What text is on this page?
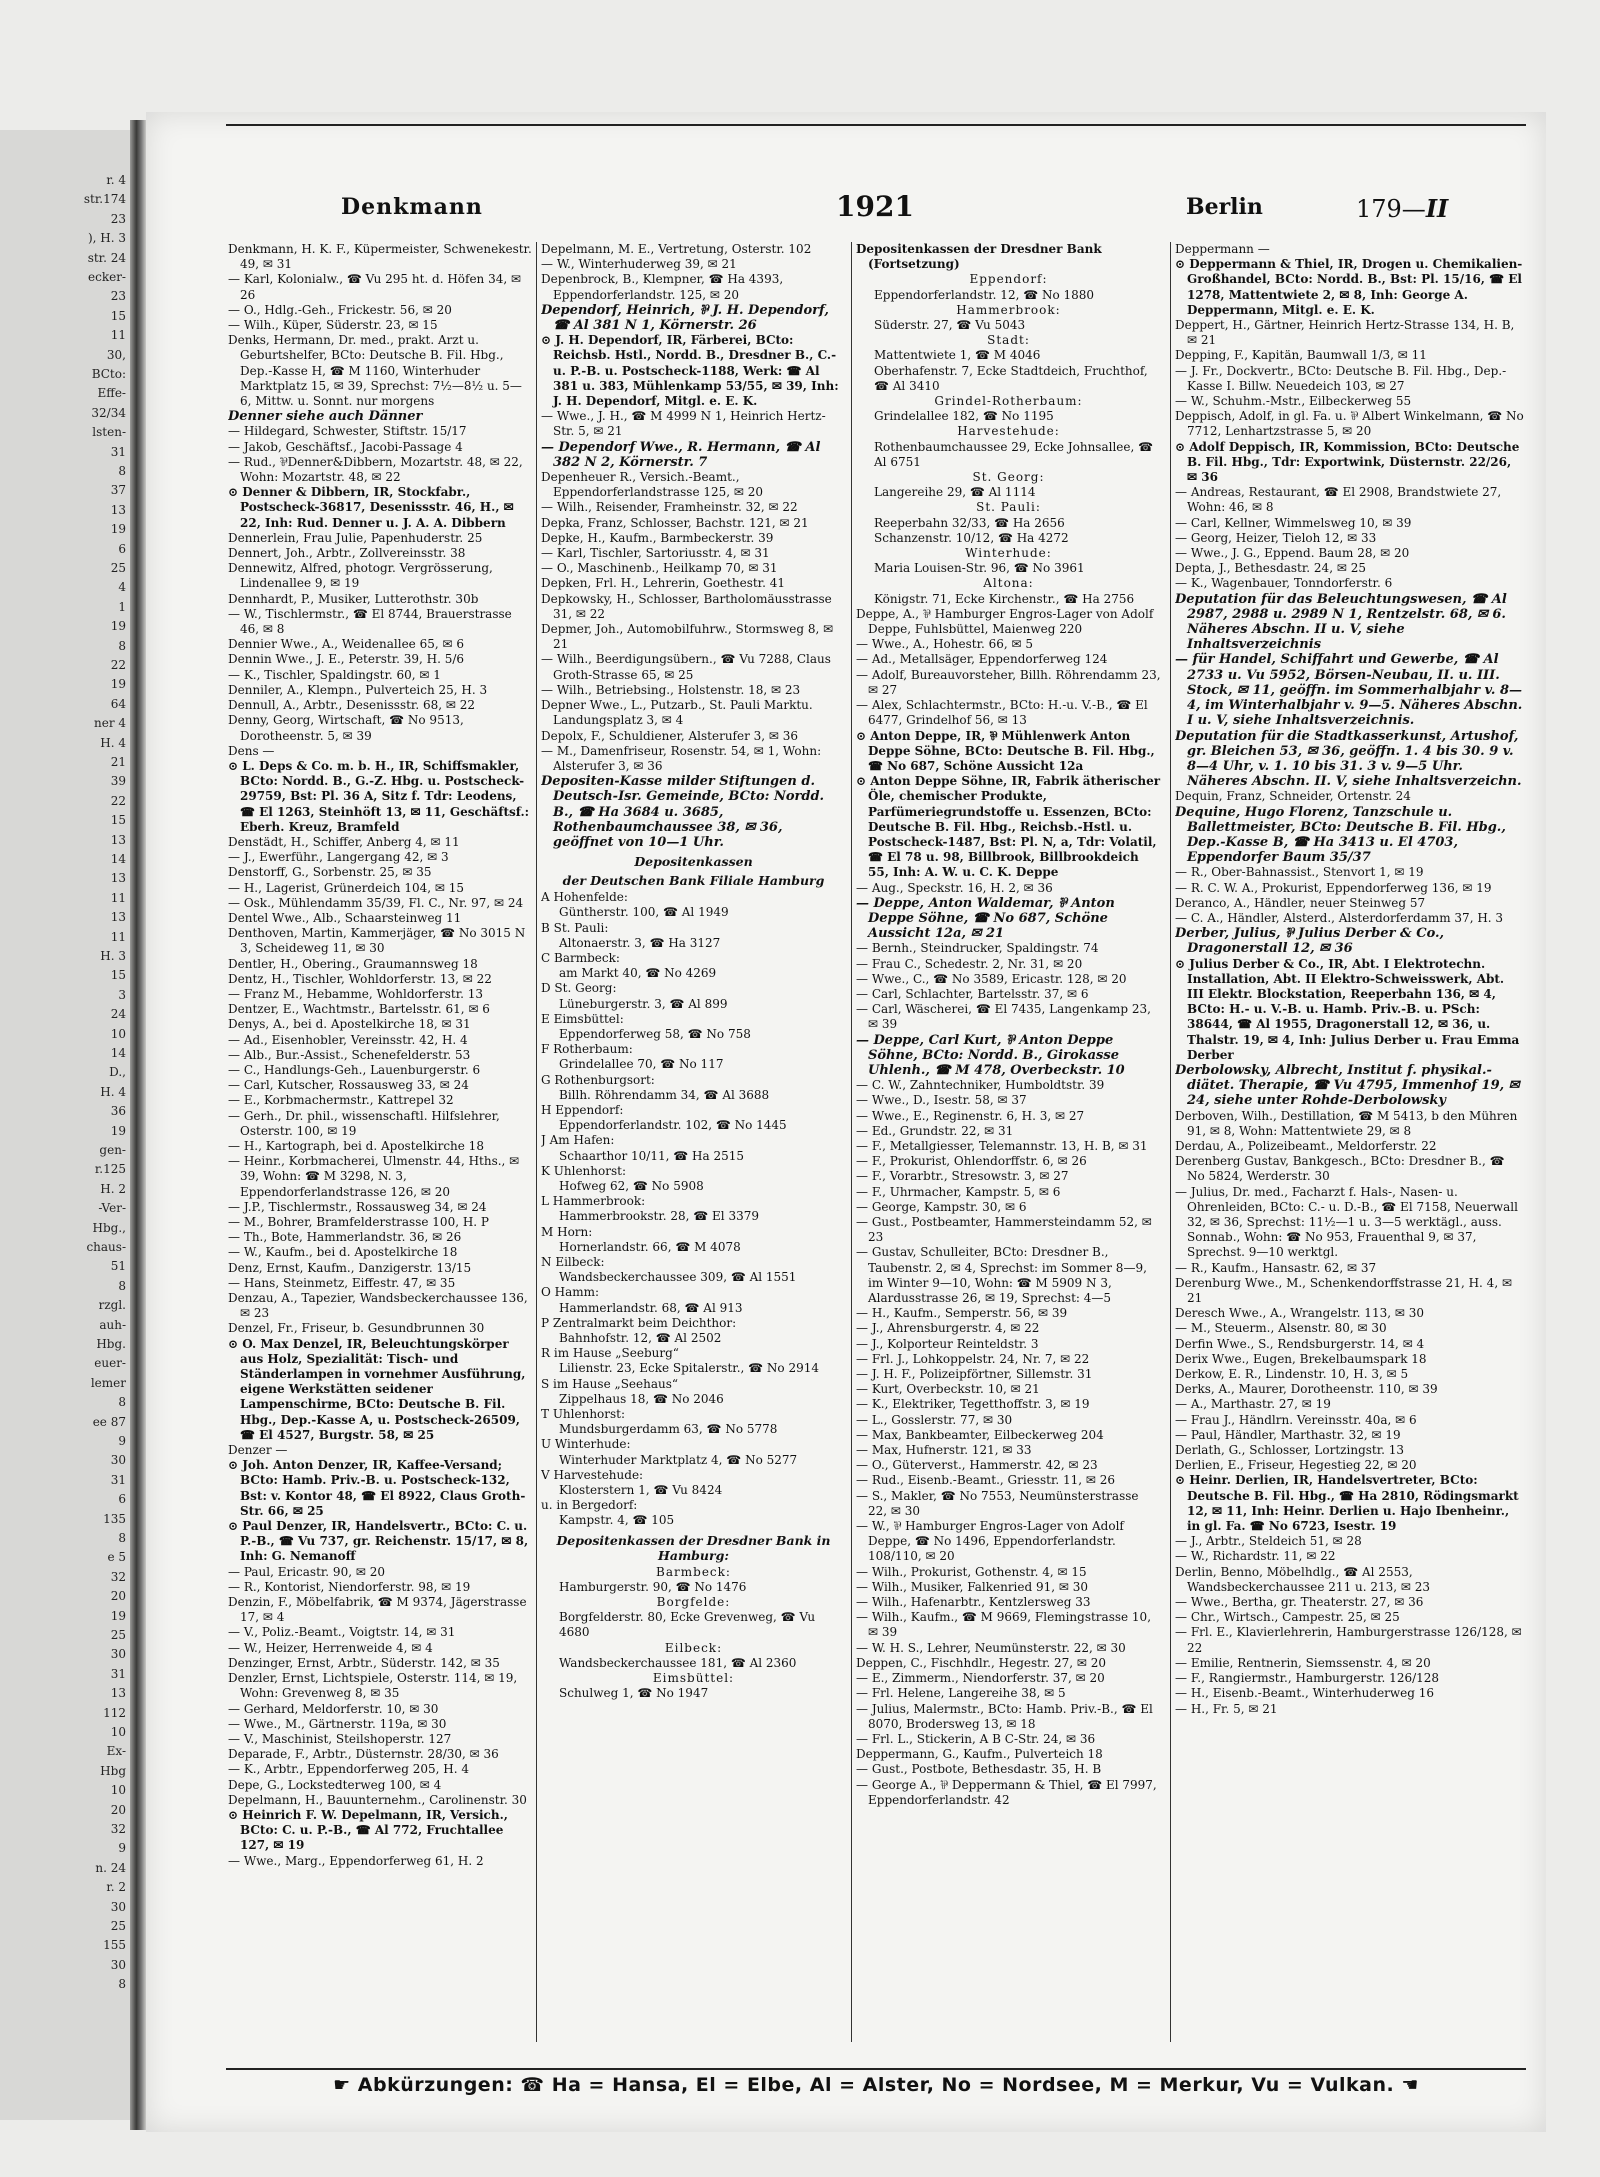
r. 4
str.174
23
), H. 3
str. 24
ecker-
23
15
11
30,
BCto:
Effe-
32/34
lsten-
31
8
37
13
19
6
25
4
1
19
8
22
19
64
ner 4
H. 4
21
39
22
15
13
14
13
11
13
11
H. 3
15
3
24
10
14
D.,
H. 4
36
19
gen-
r.125
H. 2
-Ver-
Hbg.,
chaus-
51
8
rzgl.
auh-
Hbg.
euer-
lemer
8
ee 87
9
30
31
6
135
8
e 5
32
20
19
25
30
31
13
112
10
Ex-
Hbg
10
20
32
9
n. 24
r. 2
30
25
155
30
8
Denkmann	1921	Berlin	179—II

Denkmann, H. K. F., Küpermeister, Schwenekestr. 49, ✉ 31

— Karl, Kolonialw., ☎ Vu 295 ht. d. Höfen 34, ✉ 26

— O., Hdlg.-Geh., Frickestr. 56, ✉ 20

— Wilh., Küper, Süderstr. 23, ✉ 15

Denks, Hermann, Dr. med., prakt. Arzt u. Geburtshelfer, BCto: Deutsche B. Fil. Hbg., Dep.-Kasse H, ☎ M 1160, Winterhuder Marktplatz 15, ✉ 39, Sprechst: 7½—8½ u. 5—6, Mittw. u. Sonnt. nur morgens

Denner siehe auch Dänner

— Hildegard, Schwester, Stiftstr. 15/17

— Jakob, Geschäftsf., Jacobi-Passage 4

— Rud., ⅌Denner&Dibbern, Mozartstr. 48, ✉ 22, Wohn: Mozartstr. 48, ✉ 22

⊙ Denner & Dibbern, IR, Stockfabr., Postscheck-36817, Desenissstr. 46, H., ✉ 22, Inh: Rud. Denner u. J. A. A. Dibbern

Dennerlein, Frau Julie, Papenhuderstr. 25

Dennert, Joh., Arbtr., Zollvereinsstr. 38

Dennewitz, Alfred, photogr. Vergrösserung, Lindenallee 9, ✉ 19

Dennhardt, P., Musiker, Lutterothstr. 30b

— W., Tischlermstr., ☎ El 8744, Brauerstrasse 46, ✉ 8

Dennier Wwe., A., Weidenallee 65, ✉ 6

Dennin Wwe., J. E., Peterstr. 39, H. 5/6

— K., Tischler, Spaldingstr. 60, ✉ 1

Denniler, A., Klempn., Pulverteich 25, H. 3

Dennull, A., Arbtr., Desenissstr. 68, ✉ 22

Denny, Georg, Wirtschaft, ☎ No 9513, Dorotheenstr. 5, ✉ 39

Dens —

⊙ L. Deps & Co. m. b. H., IR, Schiffsmakler, BCto: Nordd. B., G.-Z. Hbg. u. Postscheck-29759, Bst: Pl. 36 A, Sitz f. Tdr: Leodens, ☎ El 1263, Steinhöft 13, ✉ 11, Geschäftsf.: Eberh. Kreuz, Bramfeld

Denstädt, H., Schiffer, Anberg 4, ✉ 11

— J., Ewerführ., Langergang 42, ✉ 3

Denstorff, G., Sorbenstr. 25, ✉ 35

— H., Lagerist, Grünerdeich 104, ✉ 15

— Osk., Mühlendamm 35/39, Fl. C., Nr. 97, ✉ 24

Dentel Wwe., Alb., Schaarsteinweg 11

Denthoven, Martin, Kammerjäger, ☎ No 3015 N 3, Scheideweg 11, ✉ 30

Dentler, H., Obering., Graumannsweg 18

Dentz, H., Tischler, Wohldorferstr. 13, ✉ 22

— Franz M., Hebamme, Wohldorferstr. 13

Dentzer, E., Wachtmstr., Bartelsstr. 61, ✉ 6

Denys, A., bei d. Apostelkirche 18, ✉ 31

— Ad., Eisenhobler, Vereinsstr. 42, H. 4

— Alb., Bur.-Assist., Schenefelderstr. 53

— C., Handlungs-Geh., Lauenburgerstr. 6

— Carl, Kutscher, Rossausweg 33, ✉ 24

— E., Korbmachermstr., Kattrepel 32

— Gerh., Dr. phil., wissenschaftl. Hilfslehrer, Osterstr. 100, ✉ 19

— H., Kartograph, bei d. Apostelkirche 18

— Heinr., Korbmacherei, Ulmenstr. 44, Hths., ✉ 39, Wohn: ☎ M 3298, N. 3, Eppendorferlandstrasse 126, ✉ 20

— J.P., Tischlermstr., Rossausweg 34, ✉ 24

— M., Bohrer, Bramfelderstrasse 100, H. P

— Th., Bote, Hammerlandstr. 36, ✉ 26

— W., Kaufm., bei d. Apostelkirche 18

Denz, Ernst, Kaufm., Danzigerstr. 13/15

— Hans, Steinmetz, Eiffestr. 47, ✉ 35

Denzau, A., Tapezier, Wandsbeckerchaussee 136, ✉ 23

Denzel, Fr., Friseur, b. Gesundbrunnen 30

⊙ O. Max Denzel, IR, Beleuchtungskörper aus Holz, Spezialität: Tisch- und Ständerlampen in vornehmer Ausführung, eigene Werkstätten seidener Lampenschirme, BCto: Deutsche B. Fil. Hbg., Dep.-Kasse A, u. Postscheck-26509, ☎ El 4527, Burgstr. 58, ✉ 25

Denzer —

⊙ Joh. Anton Denzer, IR, Kaffee-Versand; BCto: Hamb. Priv.-B. u. Postscheck-132, Bst: v. Kontor 48, ☎ El 8922, Claus Groth-Str. 66, ✉ 25

⊙ Paul Denzer, IR, Handelsvertr., BCto: C. u. P.-B., ☎ Vu 737, gr. Reichenstr. 15/17, ✉ 8, Inh: G. Nemanoff

— Paul, Ericastr. 90, ✉ 20

— R., Kontorist, Niendorferstr. 98, ✉ 19

Denzin, F., Möbelfabrik, ☎ M 9374, Jägerstrasse 17, ✉ 4

— V., Poliz.-Beamt., Voigtstr. 14, ✉ 31

— W., Heizer, Herrenweide 4, ✉ 4

Denzinger, Ernst, Arbtr., Süderstr. 142, ✉ 35

Denzler, Ernst, Lichtspiele, Osterstr. 114, ✉ 19, Wohn: Grevenweg 8, ✉ 35

— Gerhard, Meldorferstr. 10, ✉ 30

— Wwe., M., Gärtnerstr. 119a, ✉ 30

— V., Maschinist, Steilshoperstr. 127

Deparade, F., Arbtr., Düsternstr. 28/30, ✉ 36

— K., Arbtr., Eppendorferweg 205, H. 4

Depe, G., Lockstedterweg 100, ✉ 4

Depelmann, H., Bauunternehm., Carolinenstr. 30

⊙ Heinrich F. W. Depelmann, IR, Versich., BCto: C. u. P.-B., ☎ Al 772, Fruchtallee 127, ✉ 19

— Wwe., Marg., Eppendorferweg 61, H. 2

Depelmann, M. E., Vertretung, Osterstr. 102

— W., Winterhuderweg 39, ✉ 21

Depenbrock, B., Klempner, ☎ Ha 4393, Eppendorferlandstr. 125, ✉ 20

Dependorf, Heinrich, ⅌ J. H. Dependorf, ☎ Al 381 N 1, Körnerstr. 26

⊙ J. H. Dependorf, IR, Färberei, BCto: Reichsb. Hstl., Nordd. B., Dresdner B., C.- u. P.-B. u. Postscheck-1188, Werk: ☎ Al 381 u. 383, Mühlenkamp 53/55, ✉ 39, Inh: J. H. Dependorf, Mitgl. e. E. K.

— Wwe., J. H., ☎ M 4999 N 1, Heinrich Hertz-Str. 5, ✉ 21

— Dependorf Wwe., R. Hermann, ☎ Al 382 N 2, Körnerstr. 7

Depenheuer R., Versich.-Beamt., Eppendorferlandstrasse 125, ✉ 20

— Wilh., Reisender, Framheinstr. 32, ✉ 22

Depka, Franz, Schlosser, Bachstr. 121, ✉ 21

Depke, H., Kaufm., Barmbeckerstr. 39

— Karl, Tischler, Sartoriusstr. 4, ✉ 31

— O., Maschinenb., Heilkamp 70, ✉ 31

Depken, Frl. H., Lehrerin, Goethestr. 41

Depkowsky, H., Schlosser, Bartholomäusstrasse 31, ✉ 22

Depmer, Joh., Automobilfuhrw., Stormsweg 8, ✉ 21

— Wilh., Beerdigungsübern., ☎ Vu 7288, Claus Groth-Strasse 65, ✉ 25

— Wilh., Betriebsing., Holstenstr. 18, ✉ 23

Depner Wwe., L., Putzarb., St. Pauli Marktu. Landungsplatz 3, ✉ 4

Depolx, F., Schuldiener, Alsterufer 3, ✉ 36

— M., Damenfriseur, Rosenstr. 54, ✉ 1, Wohn: Alsterufer 3, ✉ 36

Depositen-Kasse milder Stiftungen d. Deutsch-Isr. Gemeinde, BCto: Nordd. B., ☎ Ha 3684 u. 3685, Rothenbaumchaussee 38, ✉ 36, geöffnet von 10—1 Uhr.

Depositenkassen

der Deutschen Bank Filiale Hamburg

A Hohenfelde:

Güntherstr. 100, ☎ Al 1949

B St. Pauli:

Altonaerstr. 3, ☎ Ha 3127

C Barmbeck:

am Markt 40, ☎ No 4269

D St. Georg:

Lüneburgerstr. 3, ☎ Al 899

E Eimsbüttel:

Eppendorferweg 58, ☎ No 758

F Rotherbaum:

Grindelallee 70, ☎ No 117

G Rothenburgsort:

Billh. Röhrendamm 34, ☎ Al 3688

H Eppendorf:

Eppendorferlandstr. 102, ☎ No 1445

J Am Hafen:

Schaarthor 10/11, ☎ Ha 2515

K Uhlenhorst:

Hofweg 62, ☎ No 5908

L Hammerbrook:

Hammerbrookstr. 28, ☎ El 3379

M Horn:

Hornerlandstr. 66, ☎ M 4078

N Eilbeck:

Wandsbeckerchaussee 309, ☎ Al 1551

O Hamm:

Hammerlandstr. 68, ☎ Al 913

P Zentralmarkt beim Deichthor:

Bahnhofstr. 12, ☎ Al 2502

R im Hause „Seeburg“

Lilienstr. 23, Ecke Spitalerstr., ☎ No 2914

S im Hause „Seehaus“

Zippelhaus 18, ☎ No 2046

T Uhlenhorst:

Mundsburgerdamm 63, ☎ No 5778

U Winterhude:

Winterhuder Marktplatz 4, ☎ No 5277

V Harvestehude:

Klosterstern 1, ☎ Vu 8424

u. in Bergedorf:

Kampstr. 4, ☎ 105

Depositenkassen der Dresdner Bank in Hamburg:

Barmbeck:

Hamburgerstr. 90, ☎ No 1476

Borgfelde:

Borgfelderstr. 80, Ecke Grevenweg, ☎ Vu 4680

Eilbeck:

Wandsbeckerchaussee 181, ☎ Al 2360

Eimsbüttel:

Schulweg 1, ☎ No 1947

Depositenkassen der Dresdner Bank (Fortsetzung)

Eppendorf:

Eppendorferlandstr. 12, ☎ No 1880

Hammerbrook:

Süderstr. 27, ☎ Vu 5043

Stadt:

Mattentwiete 1, ☎ M 4046

Oberhafenstr. 7, Ecke Stadtdeich, Fruchthof, ☎ Al 3410

Grindel-Rotherbaum:

Grindelallee 182, ☎ No 1195

Harvestehude:

Rothenbaumchaussee 29, Ecke Johnsallee, ☎ Al 6751

St. Georg:

Langereihe 29, ☎ Al 1114

St. Pauli:

Reeperbahn 32/33, ☎ Ha 2656

Schanzenstr. 10/12, ☎ Ha 4272

Winterhude:

Maria Louisen-Str. 96, ☎ No 3961

Altona:

Königstr. 71, Ecke Kirchenstr., ☎ Ha 2756

Deppe, A., ⅌ Hamburger Engros-Lager von Adolf Deppe, Fuhlsbüttel, Maienweg 220

— Wwe., A., Hohestr. 66, ✉ 5

— Ad., Metallsäger, Eppendorferweg 124

— Adolf, Bureauvorsteher, Billh. Röhrendamm 23, ✉ 27

— Alex, Schlachtermstr., BCto: H.-u. V.-B., ☎ El 6477, Grindelhof 56, ✉ 13

⊙ Anton Deppe, IR, ⅌ Mühlenwerk Anton Deppe Söhne, BCto: Deutsche B. Fil. Hbg., ☎ No 687, Schöne Aussicht 12a

⊙ Anton Deppe Söhne, IR, Fabrik ätherischer Öle, chemischer Produkte, Parfümeriegrundstoffe u. Essenzen, BCto: Deutsche B. Fil. Hbg., Reichsb.-Hstl. u. Postscheck-1487, Bst: Pl. N, a, Tdr: Volatil, ☎ El 78 u. 98, Billbrook, Billbrookdeich 55, Inh: A. W. u. C. K. Deppe

— Aug., Speckstr. 16, H. 2, ✉ 36

— Deppe, Anton Waldemar, ⅌ Anton Deppe Söhne, ☎ No 687, Schöne Aussicht 12a, ✉ 21

— Bernh., Steindrucker, Spaldingstr. 74

— Frau C., Schedestr. 2, Nr. 31, ✉ 20

— Wwe., C., ☎ No 3589, Ericastr. 128, ✉ 20

— Carl, Schlachter, Bartelsstr. 37, ✉ 6

— Carl, Wäscherei, ☎ El 7435, Langenkamp 23, ✉ 39

— Deppe, Carl Kurt, ⅌ Anton Deppe Söhne, BCto: Nordd. B., Girokasse Uhlenh., ☎ M 478, Overbeckstr. 10

— C. W., Zahntechniker, Humboldtstr. 39

— Wwe., D., Isestr. 58, ✉ 37

— Wwe., E., Reginenstr. 6, H. 3, ✉ 27

— Ed., Grundstr. 22, ✉ 31

— F., Metallgiesser, Telemannstr. 13, H. B, ✉ 31

— F., Prokurist, Ohlendorffstr. 6, ✉ 26

— F., Vorarbtr., Stresowstr. 3, ✉ 27

— F., Uhrmacher, Kampstr. 5, ✉ 6

— George, Kampstr. 30, ✉ 6

— Gust., Postbeamter, Hammersteindamm 52, ✉ 23

— Gustav, Schulleiter, BCto: Dresdner B., Taubenstr. 2, ✉ 4, Sprechst: im Sommer 8—9, im Winter 9—10, Wohn: ☎ M 5909 N 3, Alardusstrasse 26, ✉ 19, Sprechst: 4—5

— H., Kaufm., Semperstr. 56, ✉ 39

— J., Ahrensburgerstr. 4, ✉ 22

— J., Kolporteur Reinteldstr. 3

— Frl. J., Lohkoppelstr. 24, Nr. 7, ✉ 22

— J. H. F., Polizeipförtner, Sillemstr. 31

— Kurt, Overbeckstr. 10, ✉ 21

— K., Elektriker, Tegetthoffstr. 3, ✉ 19

— L., Gosslerstr. 77, ✉ 30

— Max, Bankbeamter, Eilbeckerweg 204

— Max, Hufnerstr. 121, ✉ 33

— O., Güterverst., Hammerstr. 42, ✉ 23

— Rud., Eisenb.-Beamt., Griesstr. 11, ✉ 26

— S., Makler, ☎ No 7553, Neumünsterstrasse 22, ✉ 30

— W., ⅌ Hamburger Engros-Lager von Adolf Deppe, ☎ No 1496, Eppendorferlandstr. 108/110, ✉ 20

— Wilh., Prokurist, Gothenstr. 4, ✉ 15

— Wilh., Musiker, Falkenried 91, ✉ 30

— Wilh., Hafenarbtr., Kentzlersweg 33

— Wilh., Kaufm., ☎ M 9669, Flemingstrasse 10, ✉ 39

— W. H. S., Lehrer, Neumünsterstr. 22, ✉ 30

Deppen, C., Fischhdlr., Hegestr. 27, ✉ 20

— E., Zimmerm., Niendorferstr. 37, ✉ 20

— Frl. Helene, Langereihe 38, ✉ 5

— Julius, Malermstr., BCto: Hamb. Priv.-B., ☎ El 8070, Brodersweg 13, ✉ 18

— Frl. L., Stickerin, A B C-Str. 24, ✉ 36

Deppermann, G., Kaufm., Pulverteich 18

— Gust., Postbote, Bethesdastr. 35, H. B

— George A., ⅌ Deppermann & Thiel, ☎ El 7997, Eppendorferlandstr. 42

Deppermann —

⊙ Deppermann & Thiel, IR, Drogen u. Chemikalien-Großhandel, BCto: Nordd. B., Bst: Pl. 15/16, ☎ El 1278, Mattentwiete 2, ✉ 8, Inh: George A. Deppermann, Mitgl. e. E. K.

Deppert, H., Gärtner, Heinrich Hertz-Strasse 134, H. B, ✉ 21

Depping, F., Kapitän, Baumwall 1/3, ✉ 11

— J. Fr., Dockvertr., BCto: Deutsche B. Fil. Hbg., Dep.-Kasse I. Billw. Neuedeich 103, ✉ 27

— W., Schuhm.-Mstr., Eilbeckerweg 55

Deppisch, Adolf, in gl. Fa. u. ⅌ Albert Winkelmann, ☎ No 7712, Lenhartzstrasse 5, ✉ 20

⊙ Adolf Deppisch, IR, Kommission, BCto: Deutsche B. Fil. Hbg., Tdr: Exportwink, Düsternstr. 22/26, ✉ 36

— Andreas, Restaurant, ☎ El 2908, Brandstwiete 27, Wohn: 46, ✉ 8

— Carl, Kellner, Wimmelsweg 10, ✉ 39

— Georg, Heizer, Tieloh 12, ✉ 33

— Wwe., J. G., Eppend. Baum 28, ✉ 20

Depta, J., Bethesdastr. 24, ✉ 25

— K., Wagenbauer, Tonndorferstr. 6

Deputation für das Beleuchtungswesen, ☎ Al 2987, 2988 u. 2989 N 1, Rentzelstr. 68, ✉ 6. Näheres Abschn. II u. V, siehe Inhaltsverzeichnis

— für Handel, Schiffahrt und Gewerbe, ☎ Al 2733 u. Vu 5952, Börsen-Neubau, II. u. III. Stock, ✉ 11, geöffn. im Sommerhalbjahr v. 8—4, im Winterhalbjahr v. 9—5. Näheres Abschn. I u. V, siehe Inhaltsverzeichnis.

Deputation für die Stadtkasserkunst, Artushof, gr. Bleichen 53, ✉ 36, geöffn. 1. 4 bis 30. 9 v. 8—4 Uhr, v. 1. 10 bis 31. 3 v. 9—5 Uhr. Näheres Abschn. II. V, siehe Inhaltsverzeichn.

Dequin, Franz, Schneider, Ortenstr. 24

Dequine, Hugo Florenz, Tanzschule u. Ballettmeister, BCto: Deutsche B. Fil. Hbg., Dep.-Kasse B, ☎ Ha 3413 u. El 4703, Eppendorfer Baum 35/37

— R., Ober-Bahnassist., Stenvort 1, ✉ 19

— R. C. W. A., Prokurist, Eppendorferweg 136, ✉ 19

Deranco, A., Händler, neuer Steinweg 57

— C. A., Händler, Alsterd., Alsterdorferdamm 37, H. 3

Derber, Julius, ⅌ Julius Derber & Co., Dragonerstall 12, ✉ 36

⊙ Julius Derber & Co., IR, Abt. I Elektrotechn. Installation, Abt. II Elektro-Schweisswerk, Abt. III Elektr. Blockstation, Reeperbahn 136, ✉ 4, BCto: H.- u. V.-B. u. Hamb. Priv.-B. u. PSch: 38644, ☎ Al 1955, Dragonerstall 12, ✉ 36, u. Thalstr. 19, ✉ 4, Inh: Julius Derber u. Frau Emma Derber

Derbolowsky, Albrecht, Institut f. physikal.-diätet. Therapie, ☎ Vu 4795, Immenhof 19, ✉ 24, siehe unter Rohde-Derbolowsky

Derboven, Wilh., Destillation, ☎ M 5413, b den Mühren 91, ✉ 8, Wohn: Mattentwiete 29, ✉ 8

Derdau, A., Polizeibeamt., Meldorferstr. 22

Derenberg Gustav, Bankgesch., BCto: Dresdner B., ☎ No 5824, Werderstr. 30

— Julius, Dr. med., Facharzt f. Hals-, Nasen- u. Ohrenleiden, BCto: C.- u. D.-B., ☎ El 7158, Neuerwall 32, ✉ 36, Sprechst: 11½—1 u. 3—5 werktägl., auss. Sonnab., Wohn: ☎ No 953, Frauenthal 9, ✉ 37, Sprechst. 9—10 werktgl.

— R., Kaufm., Hansastr. 62, ✉ 37

Derenburg Wwe., M., Schenkendorffstrasse 21, H. 4, ✉ 21

Deresch Wwe., A., Wrangelstr. 113, ✉ 30

— M., Steuerm., Alsenstr. 80, ✉ 30

Derfin Wwe., S., Rendsburgerstr. 14, ✉ 4

Derix Wwe., Eugen, Brekelbaumspark 18

Derkow, E. R., Lindenstr. 10, H. 3, ✉ 5

Derks, A., Maurer, Dorotheenstr. 110, ✉ 39

— A., Marthastr. 27, ✉ 19

— Frau J., Händlrn. Vereinsstr. 40a, ✉ 6

— Paul, Händler, Marthastr. 32, ✉ 19

Derlath, G., Schlosser, Lortzingstr. 13

Derlien, E., Friseur, Hegestieg 22, ✉ 20

⊙ Heinr. Derlien, IR, Handelsvertreter, BCto: Deutsche B. Fil. Hbg., ☎ Ha 2810, Rödingsmarkt 12, ✉ 11, Inh: Heinr. Derlien u. Hajo Ibenheinr., in gl. Fa. ☎ No 6723, Isestr. 19

— J., Arbtr., Steldeich 51, ✉ 28

— W., Richardstr. 11, ✉ 22

Derlin, Benno, Möbelhdlg., ☎ Al 2553, Wandsbeckerchaussee 211 u. 213, ✉ 23

— Wwe., Bertha, gr. Theaterstr. 27, ✉ 36

— Chr., Wirtsch., Campestr. 25, ✉ 25

— Frl. E., Klavierlehrerin, Hamburgerstrasse 126/128, ✉ 22

— Emilie, Rentnerin, Siemssenstr. 4, ✉ 20

— F., Rangiermstr., Hamburgerstr. 126/128

— H., Eisenb.-Beamt., Winterhuderweg 16

— H., Fr. 5, ✉ 21

☛ Abkürzungen: ☎ Ha = Hansa, El = Elbe, Al = Alster, No = Nordsee, M = Merkur, Vu = Vulkan. ☚
